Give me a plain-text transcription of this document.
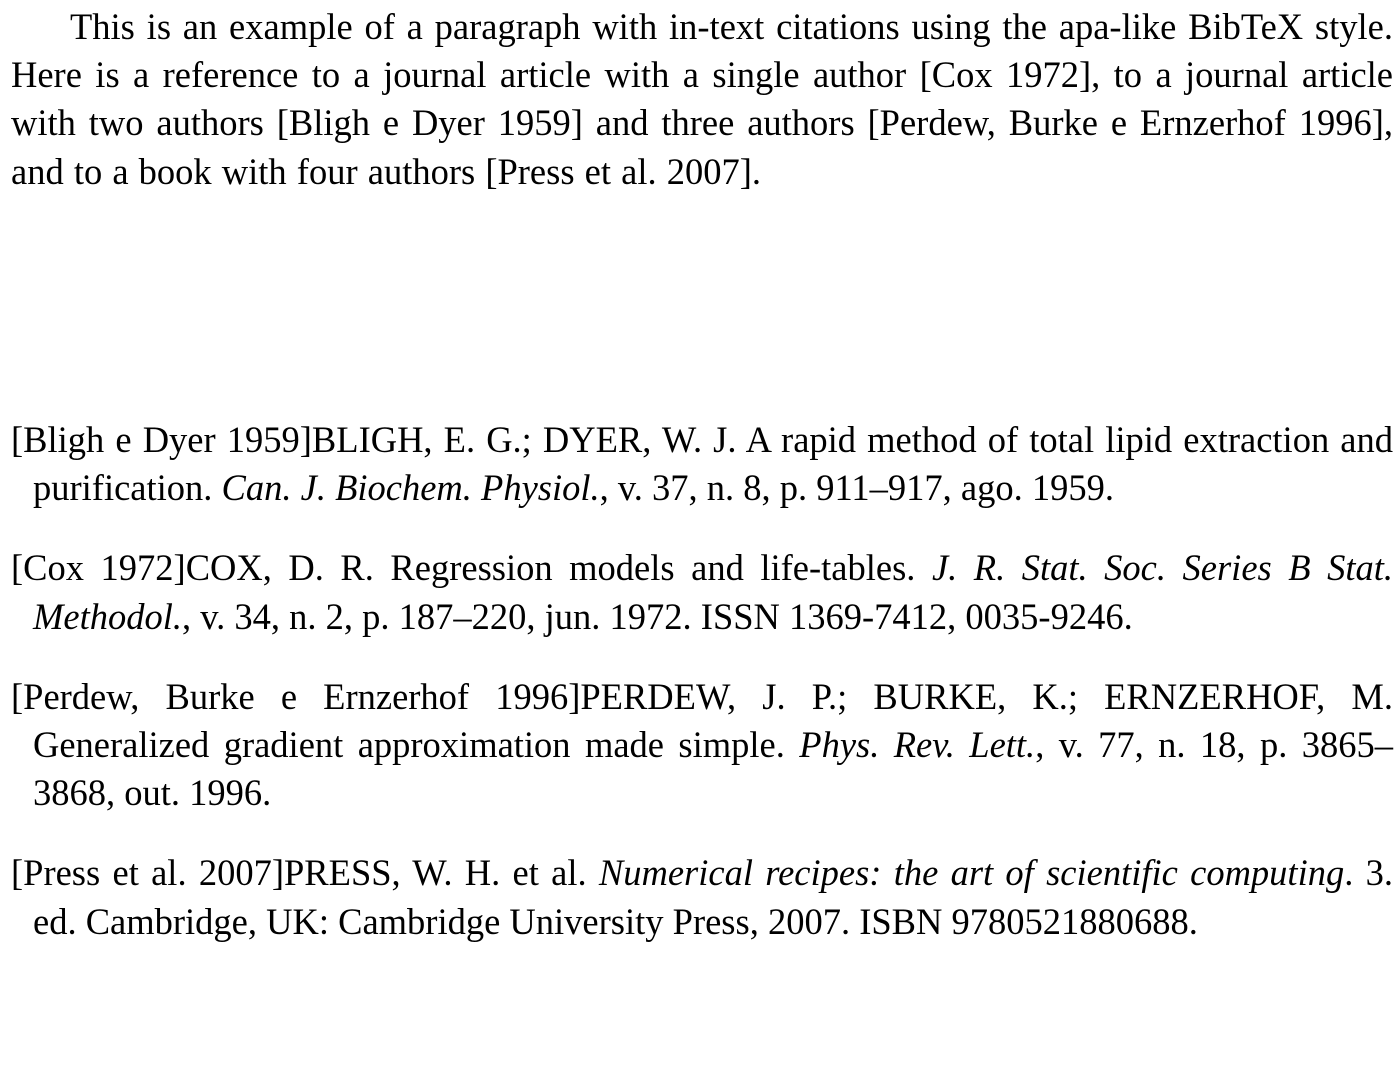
This is an example of a paragraph with in-text citations using the apa-like BibTeX style. Here is a reference to a journal article with a single author [Cox 1972], to a journal article with two authors [Bligh e Dyer 1959] and three authors [Perdew, Burke e Ernzerhof 1996], and to a book with four authors [Press et al. 2007].

[Bligh e Dyer 1959]BLIGH, E. G.; DYER, W. J. A rapid method of total lipid extraction and purification. Can. J. Biochem. Physiol., v. 37, n. 8, p. 911–917, ago. 1959.
[Cox 1972]COX, D. R. Regression models and life-tables. J. R. Stat. Soc. Series B Stat. Methodol., v. 34, n. 2, p. 187–220, jun. 1972. ISSN 1369-7412, 0035-9246.
[Perdew, Burke e Ernzerhof 1996]PERDEW, J. P.; BURKE, K.; ERNZERHOF, M. Generalized gradient approximation made simple. Phys. Rev. Lett., v. 77, n. 18, p. 3865–3868, out. 1996.
[Press et al. 2007]PRESS, W. H. et al. Numerical recipes: the art of scientific computing. 3. ed. Cambridge, UK: Cambridge University Press, 2007. ISBN 9780521880688.
